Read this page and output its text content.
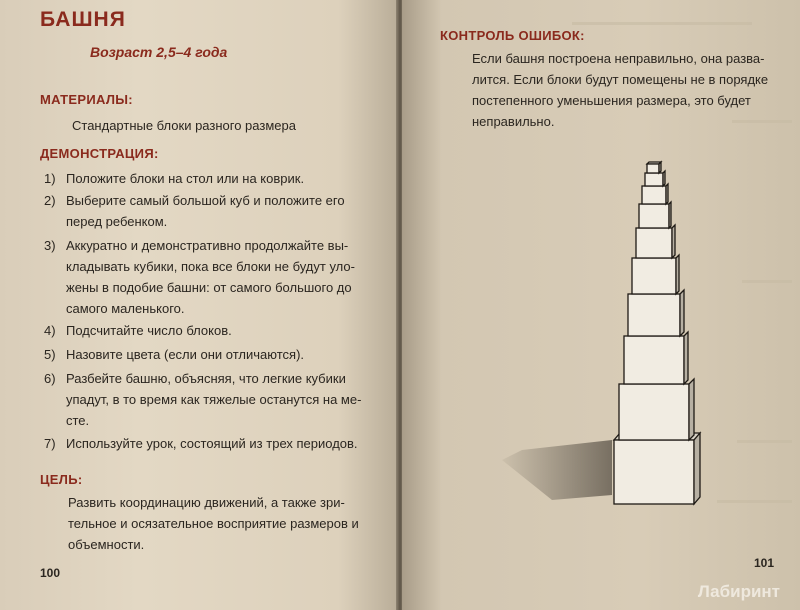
БАШНЯ
Возраст 2,5–4 года
МАТЕРИАЛЫ:
Стандартные блоки разного размера
ДЕМОНСТРАЦИЯ:
1) Положите блоки на стол или на коврик.
2) Выберите самый большой куб и положите его
перед ребенком.
3) Аккуратно и демонстративно продолжайте вы-
кладывать кубики, пока все блоки не будут уло-
жены в подобие башни: от самого большого до
самого маленького.
4) Подсчитайте число блоков.
5) Назовите цвета (если они отличаются).
6) Разбейте башню, объясняя, что легкие кубики
упадут, в то время как тяжелые останутся на ме-
сте.
7) Используйте урок, состоящий из трех периодов.
ЦЕЛЬ:
Развить координацию движений, а также зри-
тельное и осязательное восприятие размеров и
объемности.
100
КОНТРОЛЬ ОШИБОК:
Если башня построена неправильно, она разва-
лится. Если блоки будут помещены не в порядке
постепенного уменьшения размера, это будет
неправильно.
101
Лабиринт
